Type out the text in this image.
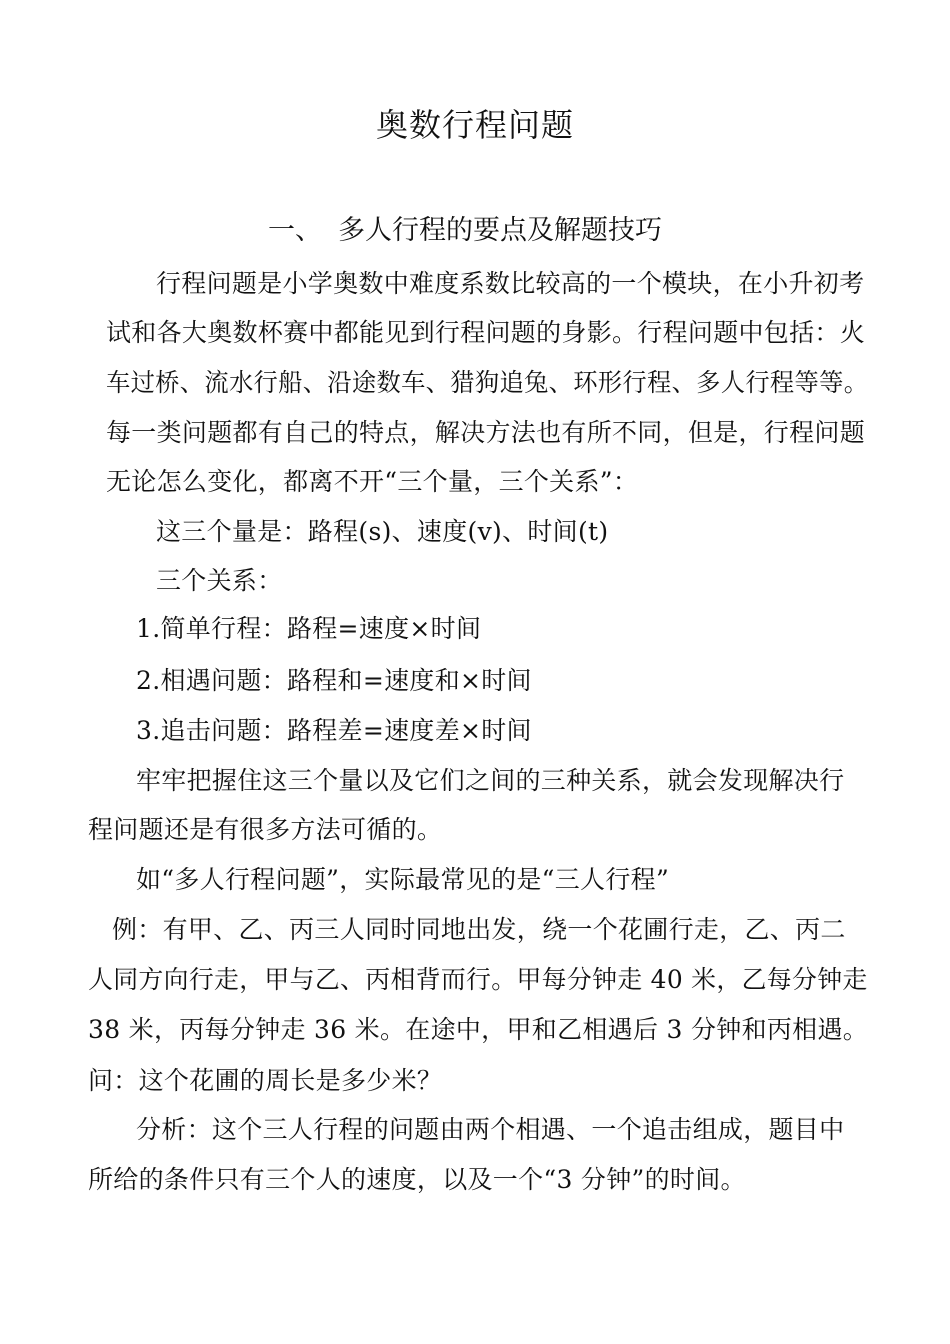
奥数行程问题
一、 多人行程的要点及解题技巧
行程问题是小学奥数中难度系数比较高的一个模块，在小升初考
试和各大奥数杯赛中都能见到行程问题的身影。行程问题中包括：火
车过桥、流水行船、沿途数车、猎狗追兔、环形行程、多人行程等等。
每一类问题都有自己的特点，解决方法也有所不同，但是，行程问题
无论怎么变化，都离不开“三个量，三个关系”：
这三个量是：路程(s)、速度(v)、时间(t)
三个关系：
1.简单行程：路程=速度×时间
2.相遇问题：路程和=速度和×时间
3.追击问题：路程差=速度差×时间
牢牢把握住这三个量以及它们之间的三种关系，就会发现解决行
程问题还是有很多方法可循的。
如“多人行程问题”，实际最常见的是“三人行程”
例：有甲、乙、丙三人同时同地出发，绕一个花圃行走，乙、丙二
人同方向行走，甲与乙、丙相背而行。甲每分钟走 40 米，乙每分钟走
38 米，丙每分钟走 36 米。在途中，甲和乙相遇后 3 分钟和丙相遇。
问：这个花圃的周长是多少米？
分析：这个三人行程的问题由两个相遇、一个追击组成，题目中
所给的条件只有三个人的速度，以及一个“3 分钟”的时间。
